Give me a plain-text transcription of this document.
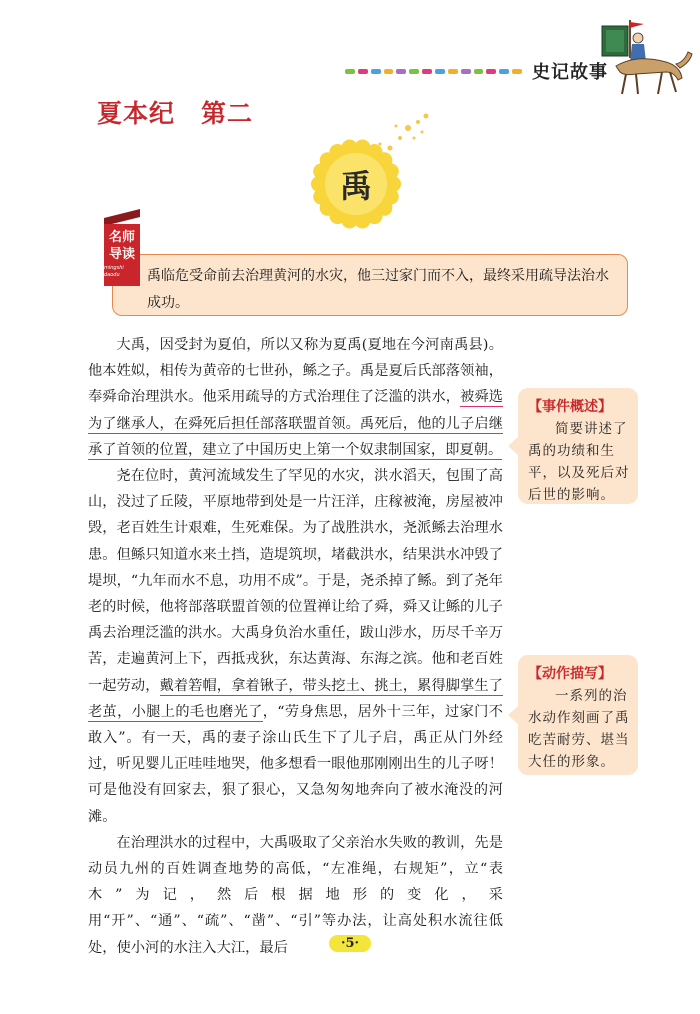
史记故事
夏本纪　第二
禹
禹临危受命前去治理黄河的水灾，他三过家门而不入，最终采用疏导法治水成功。
名师
导读
mingshi daodu

大禹，因受封为夏伯，所以又称为夏禹(夏地在今河南禹县)。他本姓姒，相传为黄帝的七世孙，鲧之子。禹是夏后氏部落领袖，奉舜命治理洪水。他采用疏导的方式治理住了泛滥的洪水，被舜选为了继承人，在舜死后担任部落联盟首领。禹死后，他的儿子启继承了首领的位置，建立了中国历史上第一个奴隶制国家，即夏朝。

尧在位时，黄河流域发生了罕见的水灾，洪水滔天，包围了高山，没过了丘陵，平原地带到处是一片汪洋，庄稼被淹，房屋被冲毁，老百姓生计艰难，生死难保。为了战胜洪水，尧派鲧去治理水患。但鲧只知道水来土挡，造堤筑坝，堵截洪水，结果洪水冲毁了堤坝，“九年而水不息，功用不成”。于是，尧杀掉了鲧。到了尧年老的时候，他将部落联盟首领的位置禅让给了舜，舜又让鲧的儿子禹去治理泛滥的洪水。大禹身负治水重任，跋山涉水，历尽千辛万苦，走遍黄河上下，西抵戎狄，东达黄海、东海之滨。他和老百姓一起劳动，戴着箬帽，拿着锹子，带头挖土、挑土，累得脚掌生了老茧，小腿上的毛也磨光了，“劳身焦思，居外十三年，过家门不敢入”。有一天，禹的妻子涂山氏生下了儿子启，禹正从门外经过，听见婴儿正哇哇地哭，他多想看一眼他那刚刚出生的儿子呀！可是他没有回家去，狠了狠心，又急匆匆地奔向了被水淹没的河滩。

在治理洪水的过程中，大禹吸取了父亲治水失败的教训，先是动员九州的百姓调查地势的高低，“左准绳，右规矩”，立“表木”为记，然后根据地形的变化，采用“开”、“通”、“疏”、“凿”、“引”等办法，让高处积水流往低处，使小河的水注入大江，最后

【事件概述】
简要讲述了禹的功绩和生平，以及死后对后世的影响。
【动作描写】
一系列的治水动作刻画了禹吃苦耐劳、堪当大任的形象。
·5·
